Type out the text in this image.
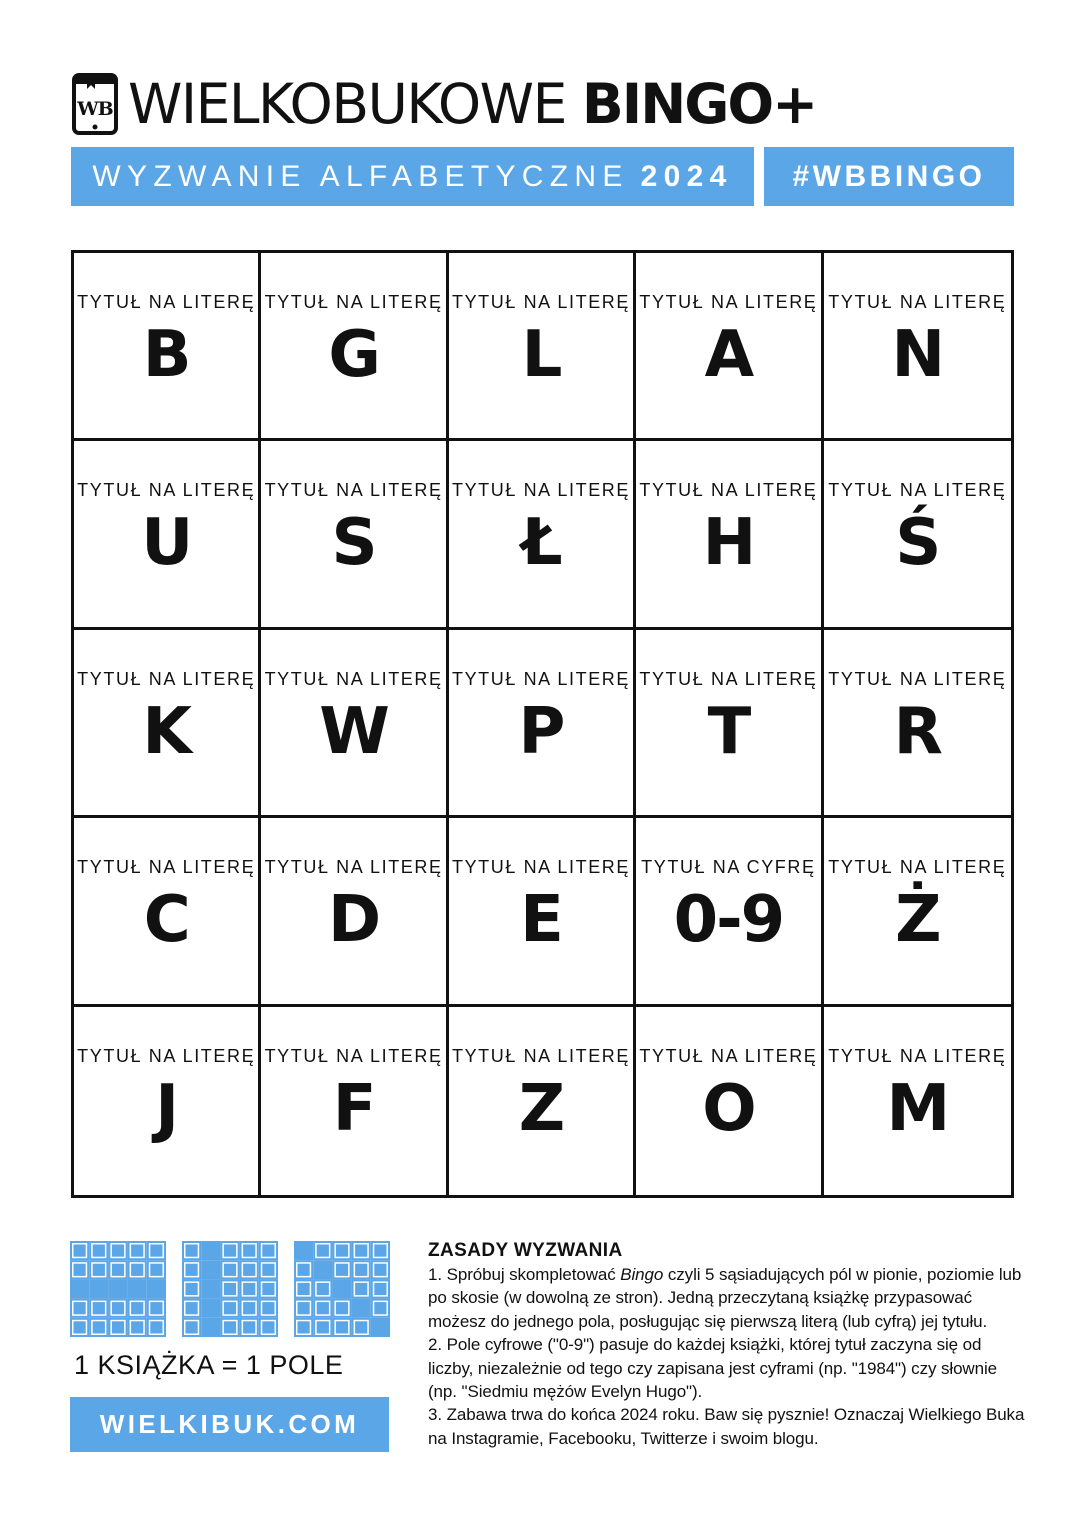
WB WIELKOBUKOWE BINGO+
WYZWANIE ALFABETYCZNE 2024 #WBBINGO
TYTUŁ NA LITERĘ
B
TYTUŁ NA LITERĘ
G
TYTUŁ NA LITERĘ
L
TYTUŁ NA LITERĘ
A
TYTUŁ NA LITERĘ
N
TYTUŁ NA LITERĘ
U
TYTUŁ NA LITERĘ
S
TYTUŁ NA LITERĘ
Ł
TYTUŁ NA LITERĘ
H
TYTUŁ NA LITERĘ
Ś
TYTUŁ NA LITERĘ
K
TYTUŁ NA LITERĘ
W
TYTUŁ NA LITERĘ
P
TYTUŁ NA LITERĘ
T
TYTUŁ NA LITERĘ
R
TYTUŁ NA LITERĘ
C
TYTUŁ NA LITERĘ
D
TYTUŁ NA LITERĘ
E
TYTUŁ NA CYFRĘ
0-9
TYTUŁ NA LITERĘ
Ż
TYTUŁ NA LITERĘ
J
TYTUŁ NA LITERĘ
F
TYTUŁ NA LITERĘ
Z
TYTUŁ NA LITERĘ
O
TYTUŁ NA LITERĘ
M
1 KSIĄŻKA = 1 POLE
WIELKIBUK.COM
ZASADY WYZWANIA
1. Spróbuj skompletować Bingo czyli 5 sąsiadujących pól w pionie, poziomie lub po skosie (w dowolną ze stron). Jedną przeczytaną książkę przypasować możesz do jednego pola, posługując się pierwszą literą (lub cyfrą) jej tytułu.
2. Pole cyfrowe ("0-9") pasuje do każdej książki, której tytuł zaczyna się od liczby, niezależnie od tego czy zapisana jest cyframi (np. "1984") czy słownie (np. "Siedmiu mężów Evelyn Hugo").
3. Zabawa trwa do końca 2024 roku. Baw się pysznie! Oznaczaj Wielkiego Buka na Instagramie, Facebooku, Twitterze i swoim blogu.
